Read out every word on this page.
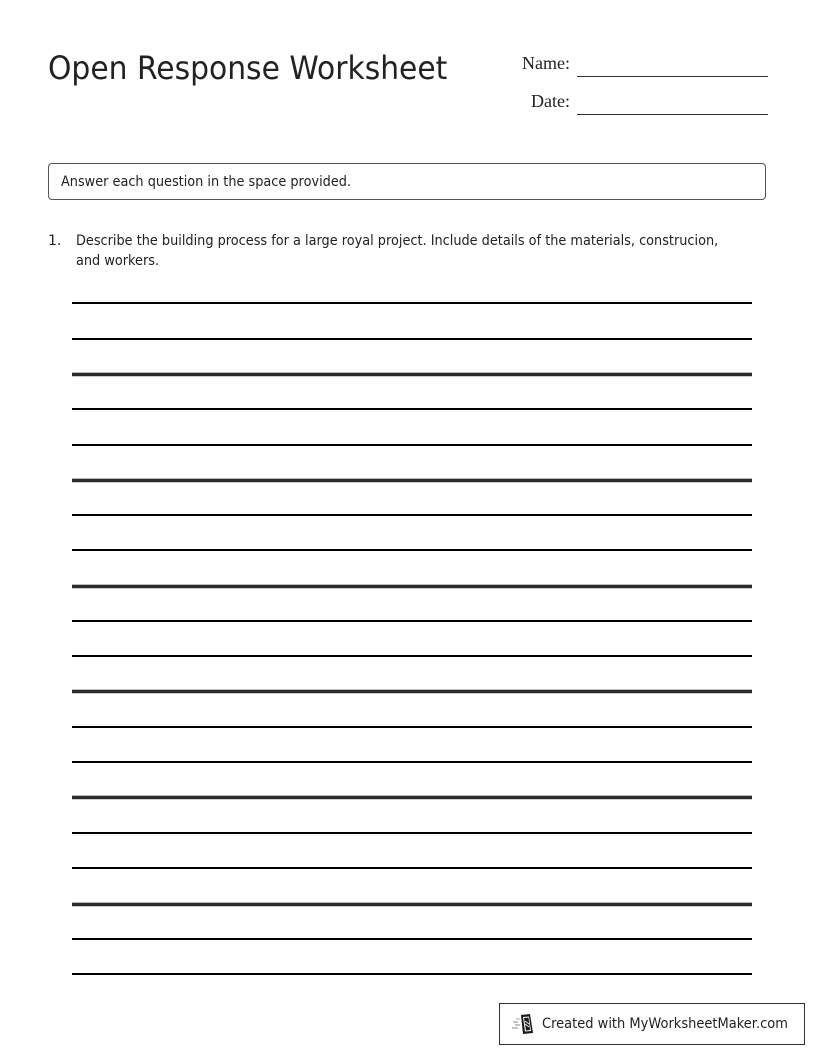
Open Response Worksheet	Name:
Date:
Answer each question in the space provided.
1. Describe the building process for a large royal project. Include details of the materials, construcion, and workers.
Created with MyWorksheetMaker.com
